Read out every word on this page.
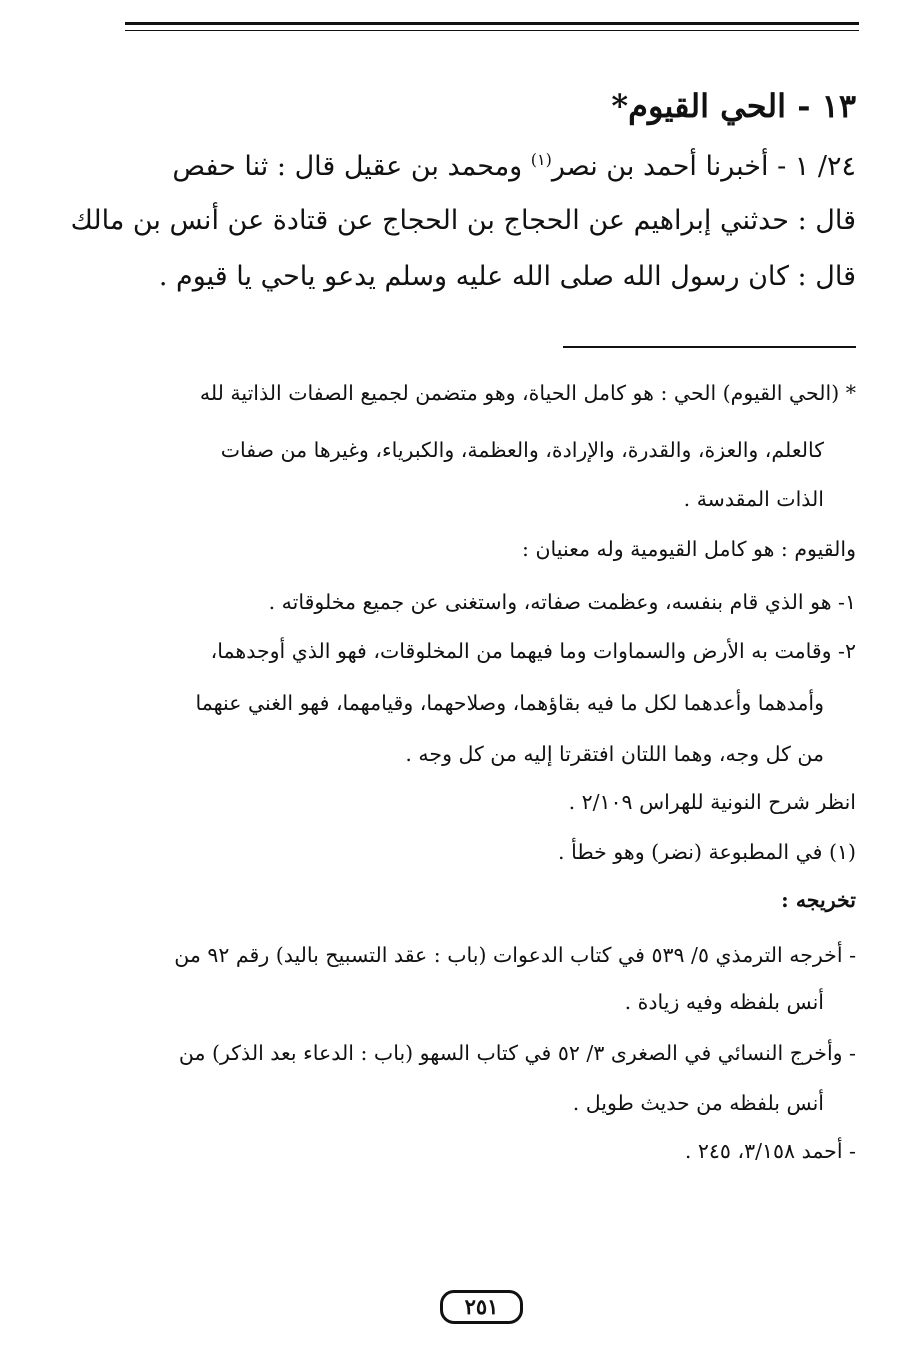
١٣ - الحي القيوم*
٢٤/ ١ - أخبرنا أحمد بن نصر$^{(١)}$ ومحمد بن عقيل قال : ثنا حفص
قال : حدثني إبراهيم عن الحجاج بن الحجاج عن قتادة عن أنس بن مالك
قال : كان رسول الله صلى الله عليه وسلم يدعو ياحي يا قيوم .
* (الحي القيوم) الحي : هو كامل الحياة، وهو متضمن لجميع الصفات الذاتية لله
كالعلم، والعزة، والقدرة، والإرادة، والعظمة، والكبرياء، وغيرها من صفات
الذات المقدسة .
والقيوم : هو كامل القيومية وله معنيان :
١- هو الذي قام بنفسه، وعظمت صفاته، واستغنى عن جميع مخلوقاته .
٢- وقامت به الأرض والسماوات وما فيهما من المخلوقات، فهو الذي أوجدهما،
وأمدهما وأعدهما لكل ما فيه بقاؤهما، وصلاحهما، وقيامهما، فهو الغني عنهما
من كل وجه، وهما اللتان افتقرتا إليه من كل وجه .
انظر شرح النونية للهراس ٢/١٠٩ .
(١) في المطبوعة (نضر) وهو خطأ .
تخريجه :
- أخرجه الترمذي ٥/ ٥٣٩ في كتاب الدعوات (باب : عقد التسبيح باليد) رقم ٩٢ من
أنس بلفظه وفيه زيادة .
- وأخرج النسائي في الصغرى ٣/ ٥٢ في كتاب السهو (باب : الدعاء بعد الذكر) من
أنس بلفظه من حديث طويل .
- أحمد ٣/١٥٨، ٢٤٥ .
٢٥١
